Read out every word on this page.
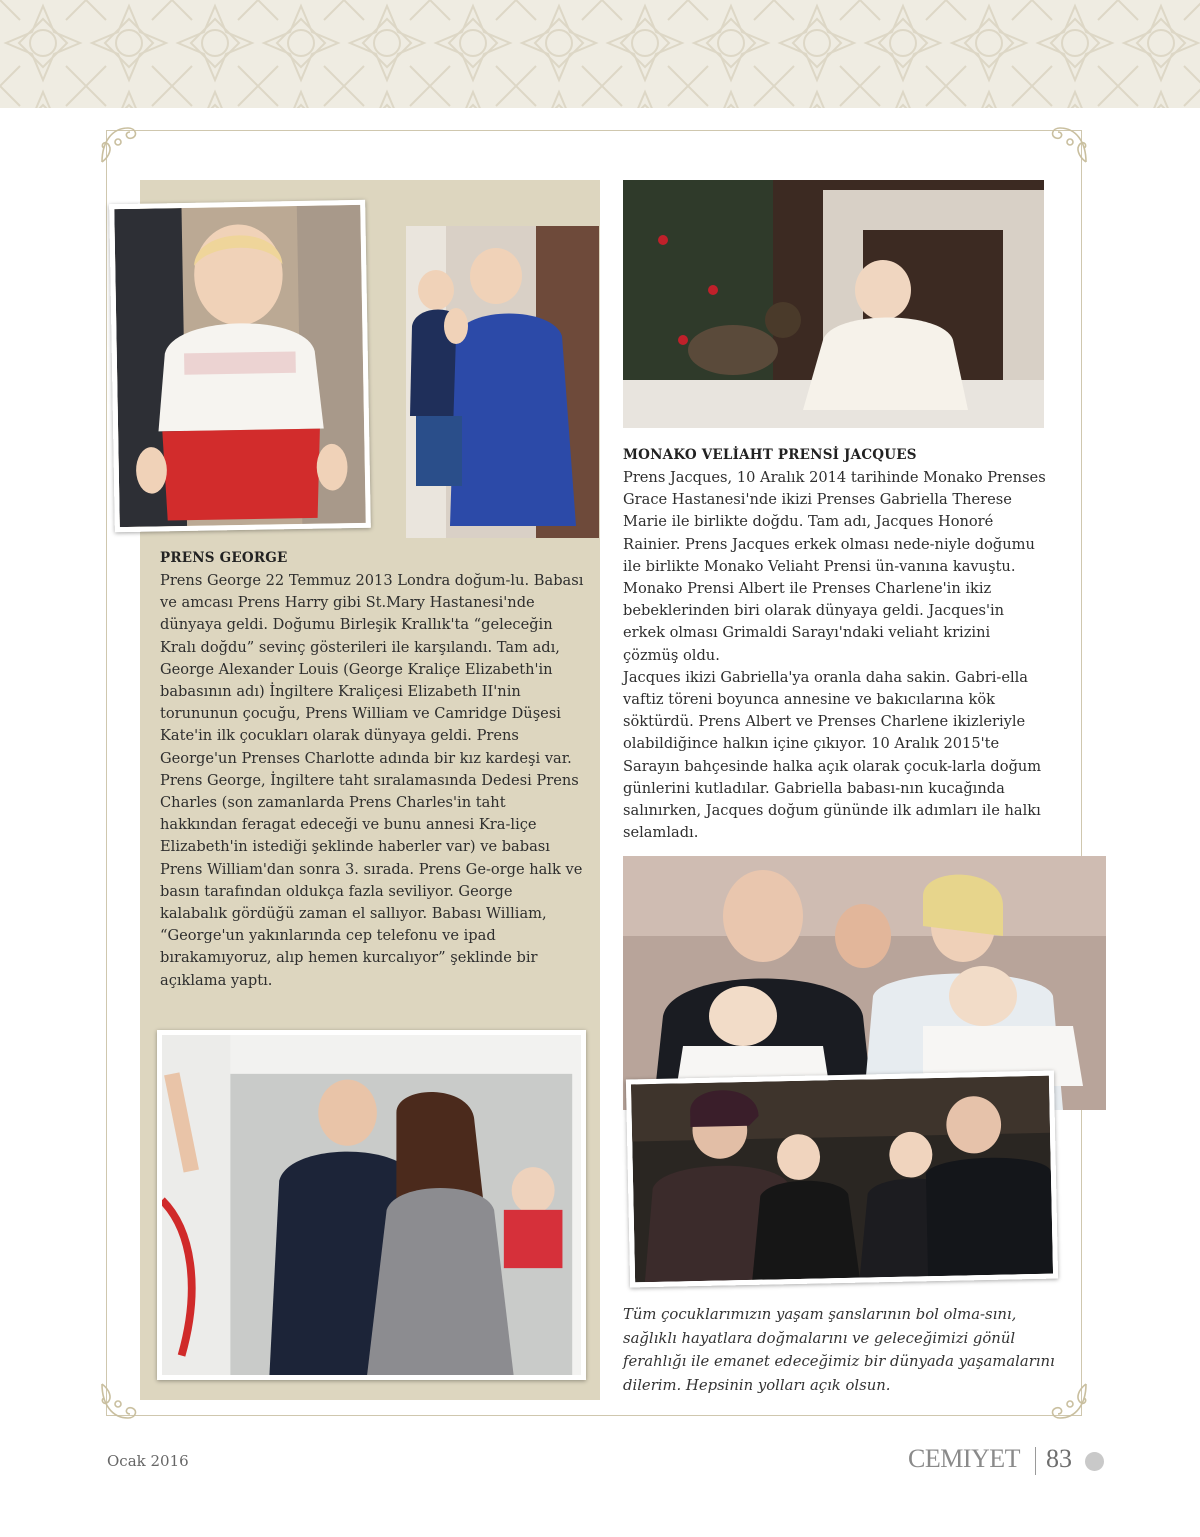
PRENS GEORGE

Prens George 22 Temmuz 2013 Londra doğum-lu. Babası ve amcası Prens Harry gibi St.Mary Hastanesi'nde dünyaya geldi. Doğumu Birleşik Krallık'ta “geleceğin Kralı doğdu” sevinç gösterileri ile karşılandı. Tam adı, George Alexander Louis (George Kraliçe Elizabeth'in babasının adı) İngiltere Kraliçesi Elizabeth II'nin torununun çocuğu, Prens William ve Camridge Düşesi Kate'in ilk çocukları olarak dünyaya geldi. Prens George'un Prenses Charlotte adında bir kız kardeşi var.

Prens George, İngiltere taht sıralamasında Dedesi Prens Charles (son zamanlarda Prens Charles'in taht hakkından feragat edeceği ve bunu annesi Kra-liçe Elizabeth'in istediği şeklinde haberler var) ve babası Prens William'dan sonra 3. sırada. Prens Ge-orge halk ve basın tarafından oldukça fazla seviliyor. George kalabalık gördüğü zaman el sallıyor. Babası William, “George'un yakınlarında cep telefonu ve ipad bırakamıyoruz, alıp hemen kurcalıyor” şeklinde bir açıklama yaptı.

MONAKO VELİAHT PRENSİ JACQUES

Prens Jacques, 10 Aralık 2014 tarihinde Monako Prenses Grace Hastanesi'nde ikizi Prenses Gabriella Therese Marie ile birlikte doğdu. Tam adı, Jacques Honoré Rainier. Prens Jacques erkek olması nede-niyle doğumu ile birlikte Monako Veliaht Prensi ün-vanına kavuştu. Monako Prensi Albert ile Prenses Charlene'in ikiz bebeklerinden biri olarak dünyaya geldi. Jacques'in erkek olması Grimaldi Sarayı'ndaki veliaht krizini çözmüş oldu.

Jacques ikizi Gabriella'ya oranla daha sakin. Gabri-ella vaftiz töreni boyunca annesine ve bakıcılarına kök söktürdü. Prens Albert ve Prenses Charlene ikizleriyle olabildiğince halkın içine çıkıyor. 10 Aralık 2015'te Sarayın bahçesinde halka açık olarak çocuk-larla doğum günlerini kutladılar. Gabriella babası-nın kucağında salınırken, Jacques doğum gününde ilk adımları ile halkı selamladı.

Tüm çocuklarımızın yaşam şanslarının bol olma-sını, sağlıklı hayatlara doğmalarını ve geleceğimizi gönül ferahlığı ile emanet edeceğimiz bir dünyada yaşamalarını dilerim. Hepsinin yolları açık olsun.

Ocak 2016	CEMIYET 83
